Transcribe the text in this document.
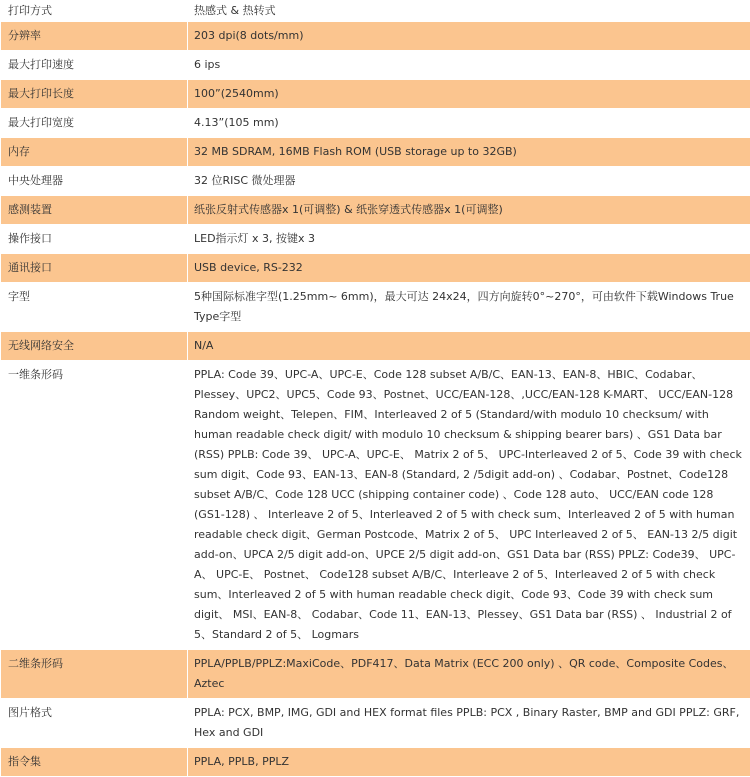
打印方式	热感式 & 热转式
分辨率	203 dpi(8 dots/mm)
最大打印速度	6 ips
最大打印长度	100”(2540mm)
最大打印宽度	4.13”(105 mm)
内存	32 MB SDRAM, 16MB Flash ROM (USB storage up to 32GB)
中央处理器	32 位RISC 微处理器
感测装置	纸张反射式传感器x 1(可调整) & 纸张穿透式传感器x 1(可调整)
操作接口	LED指示灯 x 3, 按键x 3
通讯接口	USB device, RS-232
字型	5种国际标准字型(1.25mm~ 6mm)，最大可达 24x24，四方向旋转0°~270°，可由软件下载Windows True Type字型
无线网络安全	N/A
一维条形码	PPLA: Code 39、UPC-A、UPC-E、Code 128 subset A/B/C、EAN-13、EAN-8、HBIC、Codabar、Plessey、UPC2、UPC5、Code 93、Postnet、UCC/EAN-128、,UCC/EAN-128 K-MART、 UCC/EAN-128 Random weight、Telepen、FIM、Interleaved 2 of 5 (Standard/with modulo 10 checksum/ with human readable check digit/ with modulo 10 checksum & shipping bearer bars) 、GS1 Data bar (RSS) PPLB: Code 39、 UPC-A、UPC-E、 Matrix 2 of 5、 UPC-Interleaved 2 of 5、Code 39 with check sum digit、Code 93、EAN-13、EAN-8 (Standard, 2 /5digit add-on) 、Codabar、Postnet、Code128 subset A/B/C、Code 128 UCC (shipping container code) 、Code 128 auto、 UCC/EAN code 128 (GS1-128) 、 Interleave 2 of 5、Interleaved 2 of 5 with check sum、Interleaved 2 of 5 with human readable check digit、German Postcode、Matrix 2 of 5、 UPC Interleaved 2 of 5、 EAN-13 2/5 digit add-on、UPCA 2/5 digit add-on、UPCE 2/5 digit add-on、GS1 Data bar (RSS) PPLZ: Code39、 UPC-A、 UPC-E、 Postnet、 Code128 subset A/B/C、Interleave 2 of 5、Interleaved 2 of 5 with check sum、Interleaved 2 of 5 with human readable check digit、Code 93、Code 39 with check sum digit、 MSI、EAN-8、 Codabar、Code 11、EAN-13、Plessey、GS1 Data bar (RSS) 、 Industrial 2 of 5、Standard 2 of 5、 Logmars
二维条形码	PPLA/PPLB/PPLZ:MaxiCode、PDF417、Data Matrix (ECC 200 only) 、QR code、Composite Codes、Aztec
图片格式	PPLA: PCX, BMP, IMG, GDI and HEX format files PPLB: PCX , Binary Raster, BMP and GDI PPLZ: GRF, Hex and GDI
指令集	PPLA, PPLB, PPLZ
